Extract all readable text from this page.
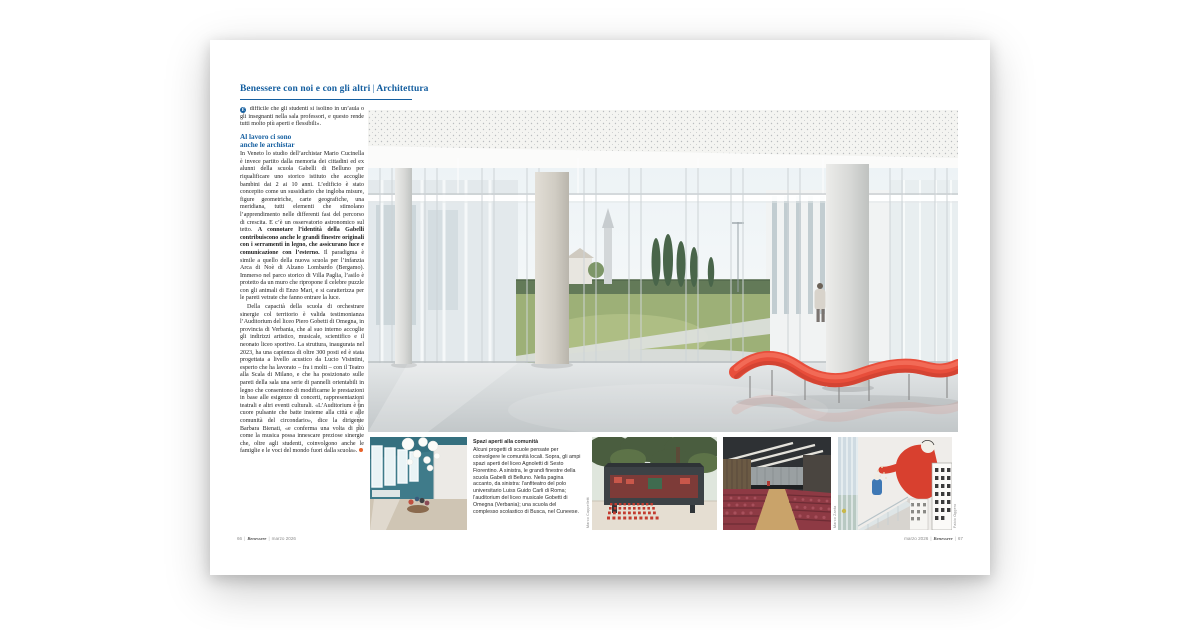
Benessere con noi e con gli altri | Architettura

È difficile che gli studenti si isolino in un’aula o gli insegnanti nella sala professori, e questo rende tutti molto più aperti e flessibili».

Al lavoro ci sono
anche le archistar

In Veneto lo studio dell’archistar Mario Cucinella è invece partito dalla memoria dei cittadini ed ex alunni della scuola Gabelli di Belluno per riqualificare uno storico istituto che accoglie bambini dai 2 ai 10 anni. L’edificio è stato concepito come un sussidiario che ingloba misure, figure geometriche, carte geografiche, una meridiana, tutti elementi che stimolano l’apprendimento nelle differenti fasi del percorso di crescita. E c’è un osservatorio astronomico sul tetto. A connotare l’identità della Gabelli contribuiscono anche le grandi finestre originali con i serramenti in legno, che assicurano luce e comunicazione con l’esterno. Il paradigma è simile a quello della nuova scuola per l’infanzia Arca di Noè di Alzano Lombardo (Bergamo). Immerso nel parco storico di Villa Paglia, l’asilo è protetto da un muro che ripropone il celebre puzzle con gli animali di Enzo Mari, e si caratterizza per le pareti vetrate che fanno entrare la luce.

Della capacità della scuola di orchestrare sinergie col territorio è valida testimonianza l’Auditorium del liceo Piero Gobetti di Omegna, in provincia di Verbania, che al suo interno accoglie gli indirizzi artistico, musicale, scientifico e il neonato liceo sportivo. La struttura, inaugurata nel 2023, ha una capienza di oltre 300 posti ed è stata progettata a livello acustico da Lucio Visintini, esperto che ha lavorato – fra i molti – con il Teatro alla Scala di Milano, e che ha posizionato sulle pareti della sala una serie di pannelli orientabili in legno che consentono di modificarne le prestazioni in base alle esigenze di concerti, rappresentazioni teatrali e altri eventi culturali. «L’Auditorium è un cuore pulsante che batte insieme alla città e alle comunità del circondario», dice la dirigente Barbara Bienati, «e conferma una volta di più come la musica possa innescare preziose sinergie che, oltre agli studenti, coinvolgono anche le famiglie e le voci del mondo fuori dalla scuola».

Marco Cappelletti
Spazi aperti alla comunità
Alcuni progetti di scuole pensate per coinvolgere le comunità locali. Sopra, gli ampi spazi aperti del liceo Agnoletti di Sesto Fiorentino. A sinistra, le grandi finestre della scuola Gabelli di Belluno. Nella pagina accanto, da sinistra: l’anfiteatro del polo universitario Luiss Guido Carli di Roma; l’auditorium del liceo musicale Gobetti di Omegna (Verbania); una scuola del complesso scolastico di Busca, nel Cuneese.	Marco Cappelletti	Marco Zanta	Fabio Oggero
66 | Benessere | marzo 2026	marzo 2026 | Benessere | 67
